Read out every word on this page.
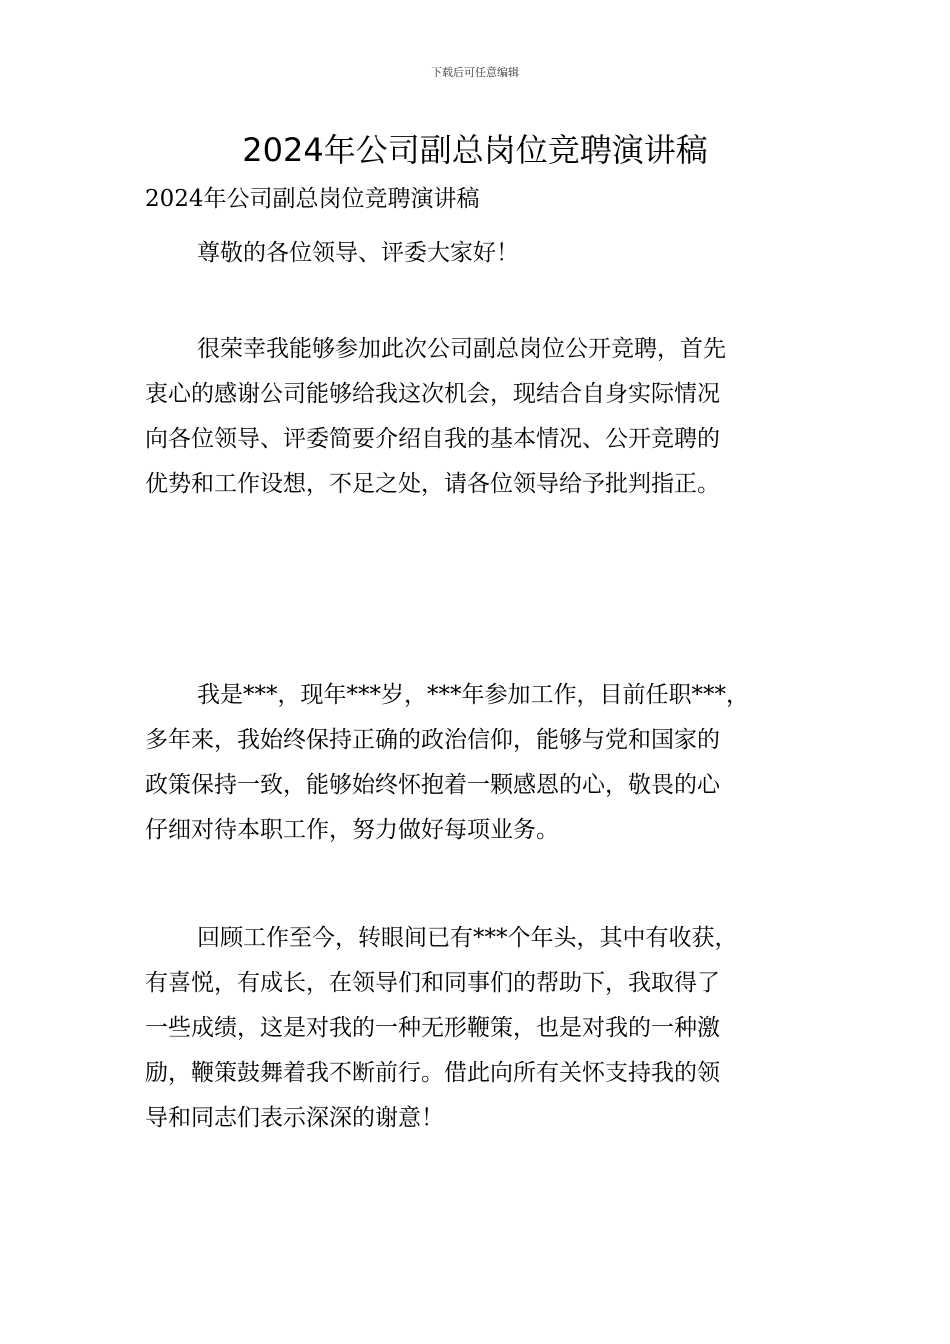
下载后可任意编辑
2024年公司副总岗位竞聘演讲稿
2024年公司副总岗位竞聘演讲稿

尊敬的各位领导、评委大家好！

很荣幸我能够参加此次公司副总岗位公开竞聘，首先
衷心的感谢公司能够给我这次机会，现结合自身实际情况
向各位领导、评委简要介绍自我的基本情况、公开竞聘的
优势和工作设想，不足之处，请各位领导给予批判指正。

我是***，现年***岁，***年参加工作，目前任职***，
多年来，我始终保持正确的政治信仰，能够与党和国家的
政策保持一致，能够始终怀抱着一颗感恩的心，敬畏的心
仔细对待本职工作，努力做好每项业务。

回顾工作至今，转眼间已有***个年头，其中有收获，
有喜悦，有成长，在领导们和同事们的帮助下，我取得了
一些成绩，这是对我的一种无形鞭策，也是对我的一种激
励，鞭策鼓舞着我不断前行。借此向所有关怀支持我的领
导和同志们表示深深的谢意！
